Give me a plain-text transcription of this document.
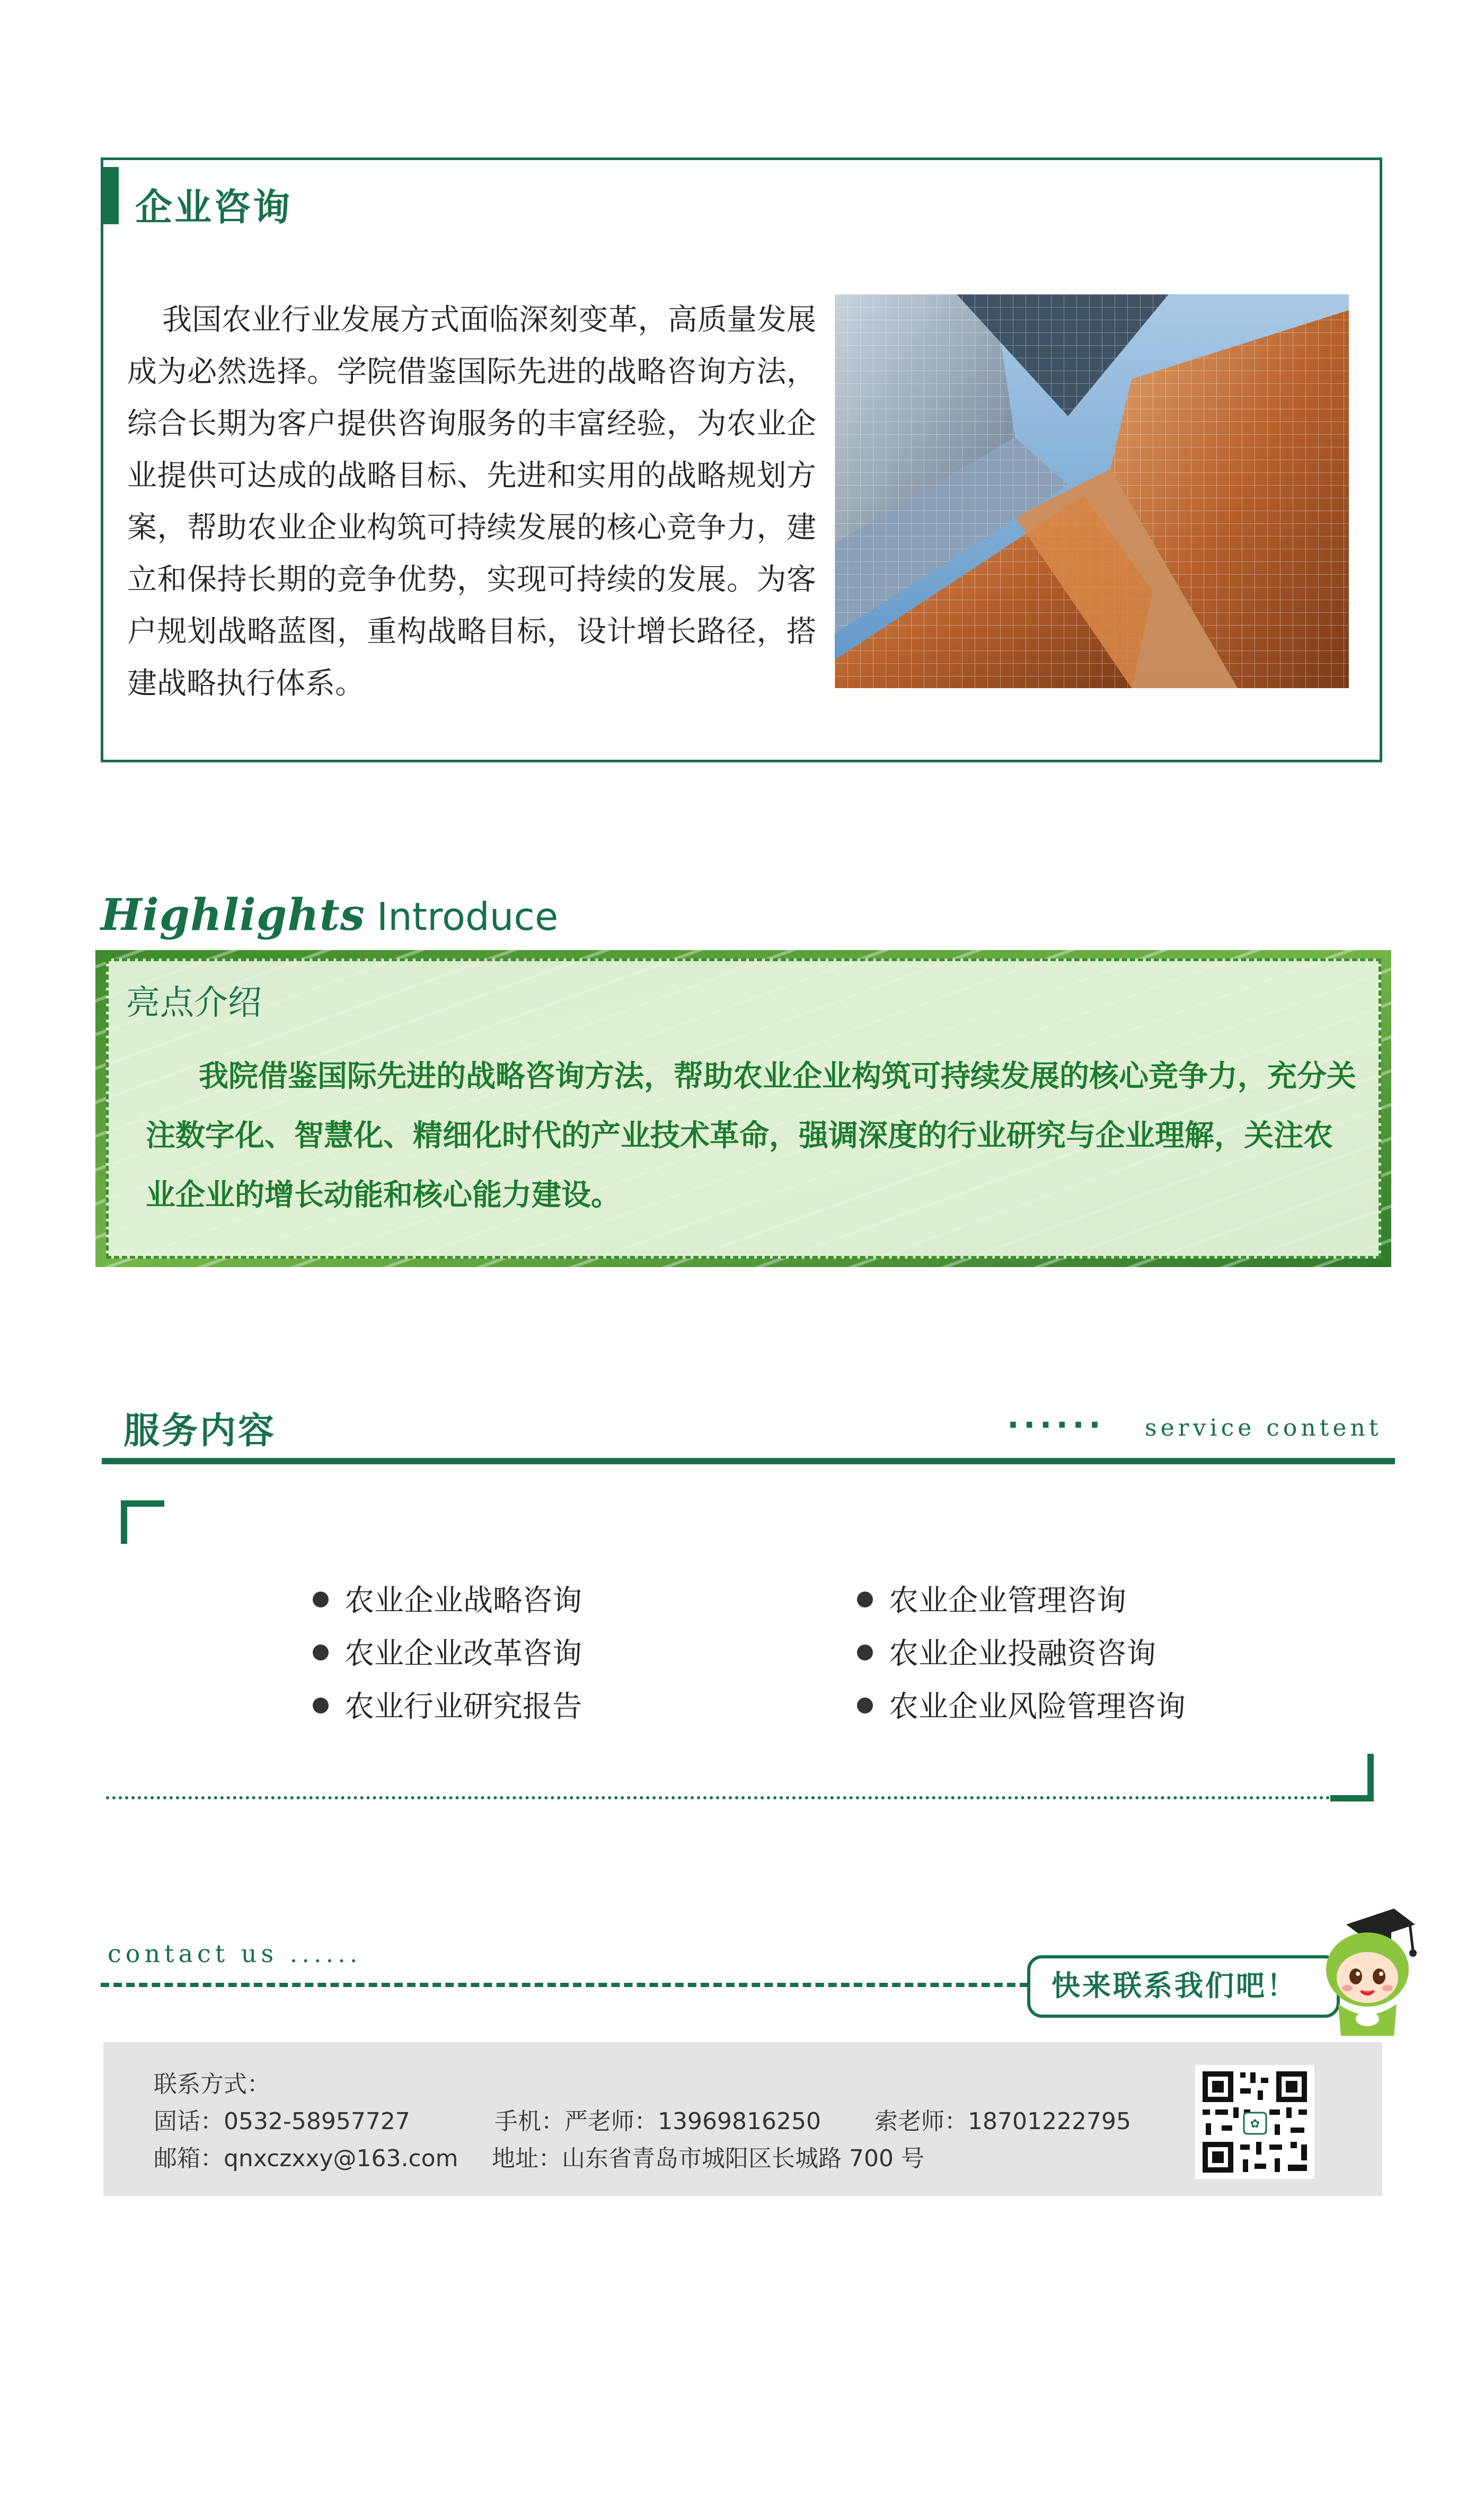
企业咨询

我国农业行业发展方式面临深刻变革，高质量发展成为必然选择。学院借鉴国际先进的战略咨询方法，综合长期为客户提供咨询服务的丰富经验，为农业企业提供可达成的战略目标、先进和实用的战略规划方案，帮助农业企业构筑可持续发展的核心竞争力，建立和保持长期的竞争优势，实现可持续的发展。为客户规划战略蓝图，重构战略目标，设计增长路径，搭建战略执行体系。

Highlights Introduce
亮点介绍

我院借鉴国际先进的战略咨询方法，帮助农业企业构筑可持续发展的核心竞争力，充分关注数字化、智慧化、精细化时代的产业技术革命，强调深度的行业研究与企业理解，关注农业企业的增长动能和核心能力建设。

服务内容	...... service content
农业企业战略咨询	农业企业管理咨询
农业企业改革咨询	农业企业投融资咨询
农业行业研究报告	农业企业风险管理咨询
contact us ......
快来联系我们吧！
联系方式：
固话：0532-58957727	手机：严老师：13969816250 索老师：18701222795
邮箱：qnxczxxy@163.com 地址：山东省青岛市城阳区长城路 700 号
✿
